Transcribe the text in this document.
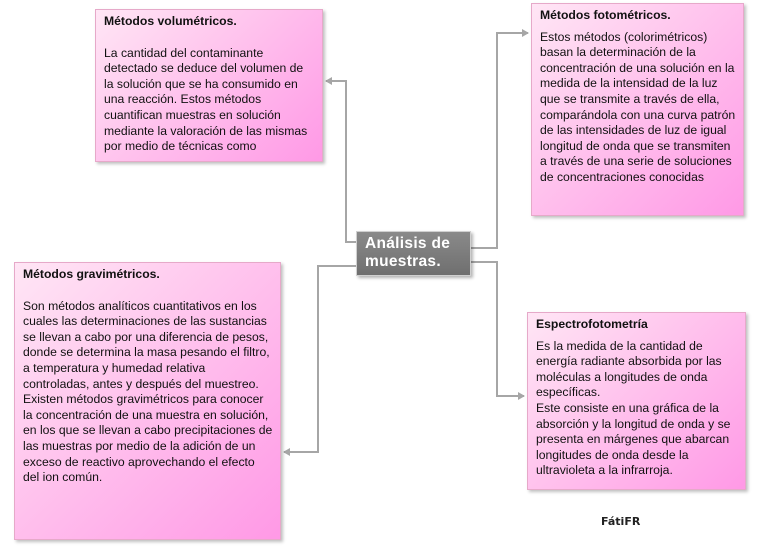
Métodos volumétricos.
La cantidad del contaminante detectado se deduce del volumen de la solución que se ha consumido en una reacción. Estos métodos cuantifican muestras en solución mediante la valoración de las mismas por medio de técnicas como
Métodos fotométricos.
Estos métodos (colorimétricos) basan la determinación de la concentración de una solución en la medida de la intensidad de la luz que se transmite a través de ella, comparándola con una curva patrón de las intensidades de luz de igual longitud de onda que se transmiten a través de una serie de soluciones de concentraciones conocidas
Métodos gravimétricos.
Son métodos analíticos cuantitativos en los cuales las determinaciones de las sustancias se llevan a cabo por una diferencia de pesos, donde se determina la masa pesando el filtro, a temperatura y humedad relativa controladas, antes y después del muestreo. Existen métodos gravimétricos para conocer la concentración de una muestra en solución, en los que se llevan a cabo precipitaciones de las muestras por medio de la adición de un exceso de reactivo aprovechando el efecto del ion común.
Espectrofotometría
Es la medida de la cantidad de energía radiante absorbida por las moléculas a longitudes de onda específicas.
Este consiste en una gráfica de la absorción y la longitud de onda y se presenta en márgenes que abarcan longitudes de onda desde la ultravioleta a la infrarroja.
Análisis de
muestras.
FátiFR
